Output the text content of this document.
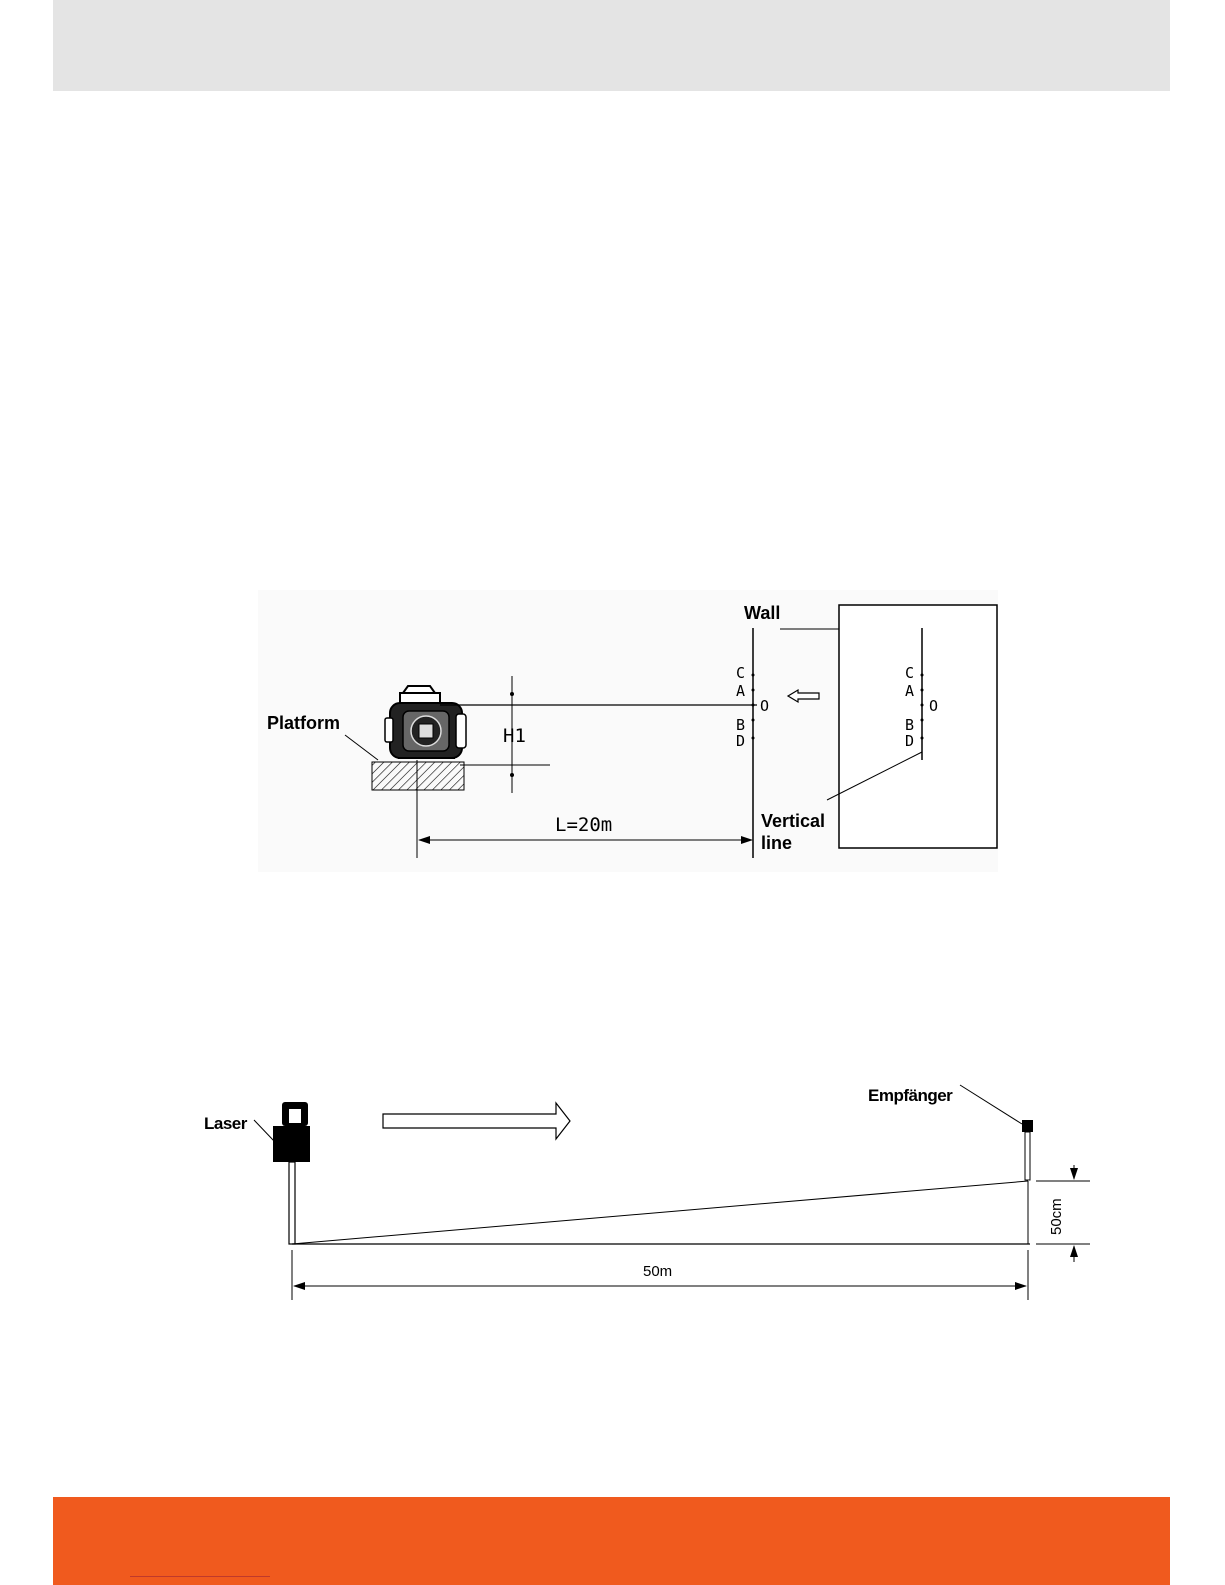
Platform
H1
L=20m
C
A
O
B
D
Vertical
line
Wall
C
A
O
B
D
Laser
Empfänger
50cm
50m
